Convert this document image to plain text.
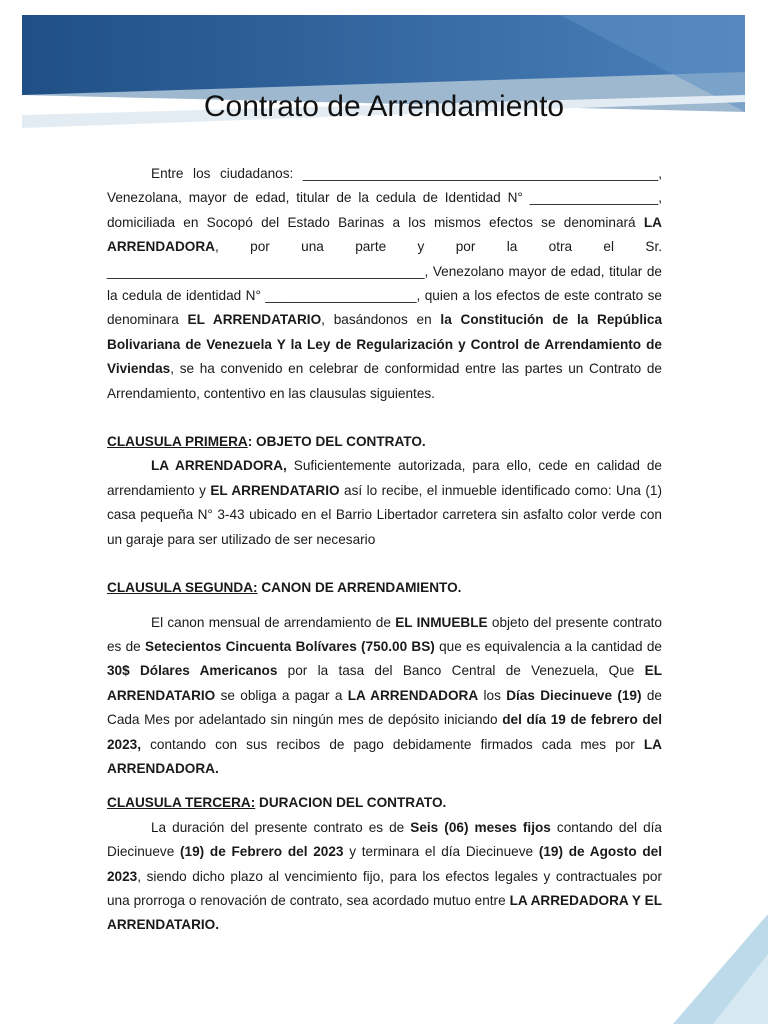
Contrato de Arrendamiento

Entre los ciudadanos: _______________________________________________, Venezolana, mayor de edad, titular de la cedula de Identidad N° _________________, domiciliada en Socopó del Estado Barinas a los mismos efectos se denominará LA ARRENDADORA, por una parte y por la otra el Sr. __________________________________________, Venezolano mayor de edad, titular de la cedula de identidad N° ____________________, quien a los efectos de este contrato se denominara EL ARRENDATARIO, basándonos en la Constitución de la República Bolivariana de Venezuela Y la Ley de Regularización y Control de Arrendamiento de Viviendas, se ha convenido en celebrar de conformidad entre las partes un Contrato de Arrendamiento, contentivo en las clausulas siguientes.

CLAUSULA PRIMERA: OBJETO DEL CONTRATO.

LA ARRENDADORA, Suficientemente autorizada, para ello, cede en calidad de arrendamiento y EL ARRENDATARIO así lo recibe, el inmueble identificado como: Una (1) casa pequeña N° 3-43 ubicado en el Barrio Libertador carretera sin asfalto color verde con un garaje para ser utilizado de ser necesario

CLAUSULA SEGUNDA: CANON DE ARRENDAMIENTO.

El canon mensual de arrendamiento de EL INMUEBLE objeto del presente contrato es de Setecientos Cincuenta Bolívares (750.00 BS) que es equivalencia a la cantidad de 30$ Dólares Americanos por la tasa del Banco Central de Venezuela, Que EL ARRENDATARIO se obliga a pagar a LA ARRENDADORA los Días Diecinueve (19) de Cada Mes por adelantado sin ningún mes de depósito iniciando del día 19 de febrero del 2023, contando con sus recibos de pago debidamente firmados cada mes por LA ARRENDADORA.

CLAUSULA TERCERA: DURACION DEL CONTRATO.

La duración del presente contrato es de Seis (06) meses fijos contando del día Diecinueve (19) de Febrero del 2023 y terminara el día Diecinueve (19) de Agosto del 2023, siendo dicho plazo al vencimiento fijo, para los efectos legales y contractuales por una prorroga o renovación de contrato, sea acordado mutuo entre LA ARREDADORA Y EL ARRENDATARIO.
